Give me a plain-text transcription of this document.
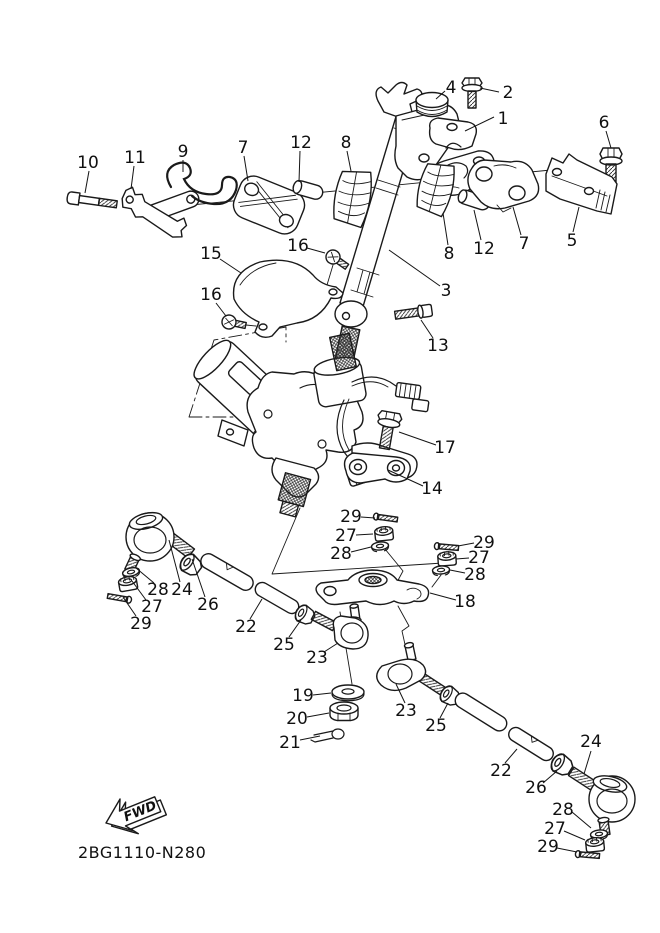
FWD
2BG1110-N280
10 11 9	7 12 8
4	2
1	6
5
8 12 7
16
15
16	3
13
17
14
29
27
28
29
27
28
18
28 24
26
27
29	22
25
23
19
20
21
23
25
22
26
24
28
27
29
